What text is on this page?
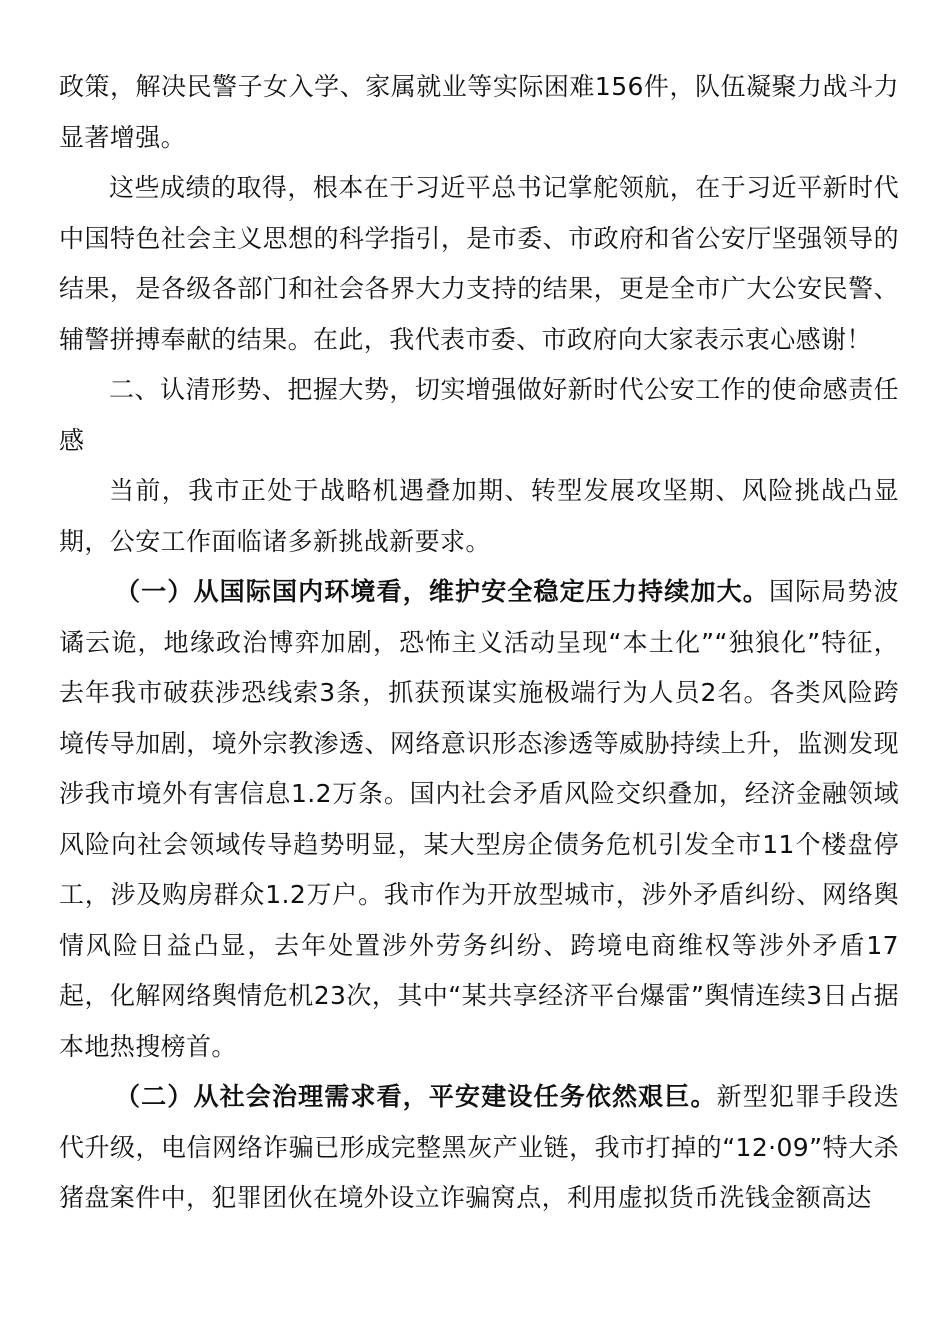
政策，解决民警子女入学、家属就业等实际困难156件，队伍凝聚力战斗力显著增强。

这些成绩的取得，根本在于习近平总书记掌舵领航，在于习近平新时代中国特色社会主义思想的科学指引，是市委、市政府和省公安厅坚强领导的结果，是各级各部门和社会各界大力支持的结果，更是全市广大公安民警、辅警拼搏奉献的结果。在此，我代表市委、市政府向大家表示衷心感谢！

二、认清形势、把握大势，切实增强做好新时代公安工作的使命感责任感

当前，我市正处于战略机遇叠加期、转型发展攻坚期、风险挑战凸显期，公安工作面临诸多新挑战新要求。

（一）从国际国内环境看，维护安全稳定压力持续加大。国际局势波谲云诡，地缘政治博弈加剧，恐怖主义活动呈现“本土化”“独狼化”特征，去年我市破获涉恐线索3条，抓获预谋实施极端行为人员2名。各类风险跨境传导加剧，境外宗教渗透、网络意识形态渗透等威胁持续上升，监测发现涉我市境外有害信息1.2万条。国内社会矛盾风险交织叠加，经济金融领域风险向社会领域传导趋势明显，某大型房企债务危机引发全市11个楼盘停工，涉及购房群众1.2万户。我市作为开放型城市，涉外矛盾纠纷、网络舆情风险日益凸显，去年处置涉外劳务纠纷、跨境电商维权等涉外矛盾17起，化解网络舆情危机23次，其中“某共享经济平台爆雷”舆情连续3日占据本地热搜榜首。

（二）从社会治理需求看，平安建设任务依然艰巨。新型犯罪手段迭代升级，电信网络诈骗已形成完整黑灰产业链，我市打掉的“12·09”特大杀猪盘案件中，犯罪团伙在境外设立诈骗窝点，利用虚拟货币洗钱金额高达
